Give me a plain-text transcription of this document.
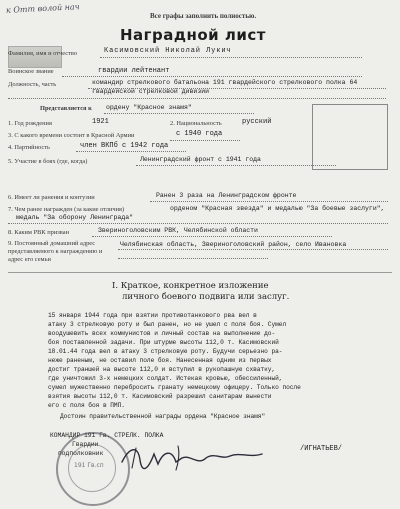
к Отт волой нач
Все графы заполнить полностью.
Наградной лист
Фамилия, имя и отчество	Касимовский Николай Лукич
Воинское звание	гвардии лейтенант
Должность, часть	командир стрелкового батальона 191 гвардейского стрелкового полка 64 гвардейской стрелковой дивизии
Представляется к ордену "Красное знамя"
1. Год рождения	1921	2. Национальность	русский
3. С какого времени состоит в Красной Армии	с 1940 года
4. Партийность	член ВКПб с 1942 года
5. Участие в боях (где, когда)	Ленинградский фронт с 1941 года
6. Имеет ли ранения и контузии	Ранен 3 раза на Ленинградском фронте
7. Чем ранее награжден (за какие отличия)	орденом "Красная звезда" и медалью "За боевые заслуги", медаль "За оборону Ленинграда"
8. Каким РВК призван	Звериноголовским РВК, Челябинской области
9. Постоянный домашний адрес представляемого к награждению и адрес его семьи
Челябинская область, Звериноголовский район, село Ивановка
I. Краткое, конкретное изложение
личного боевого подвига или заслуг.
15 января 1944 года при взятии противотанкового рва вел в
атаку 3 стрелковую роту и был ранен, но не ушел с поля боя. Сумел
воодушевить всех коммунистов и личный состав на выполнение до-
боя поставленной задачи. При штурме высоты 112,0 т. Касимовский
18.01.44 года вел в атаку 3 стрелковую роту. Будучи серьезно ра-
неже раненым, не оставил поле боя. Нанесенная одним из первых
достиг траншей на высоте 112,0 и вступил в рукопашную схватку,
где уничтожил 3-х немецких солдат. Истекая кровью, обессиленный,
сумел мужественно перебросить гранату немецкому офицеру. Только после
взятия высоты 112,0 т. Касимовский разрешил санитарам вынести
его с поля боя в ПМП.
Достоин правительственной награды ордена "Красное знамя"
КОМАНДИР 191 Гв. СТРЕЛК. ПОЛКА
Гвардии
подполковник
191 Гв.сп
/ИГНАТЬЕВ/
